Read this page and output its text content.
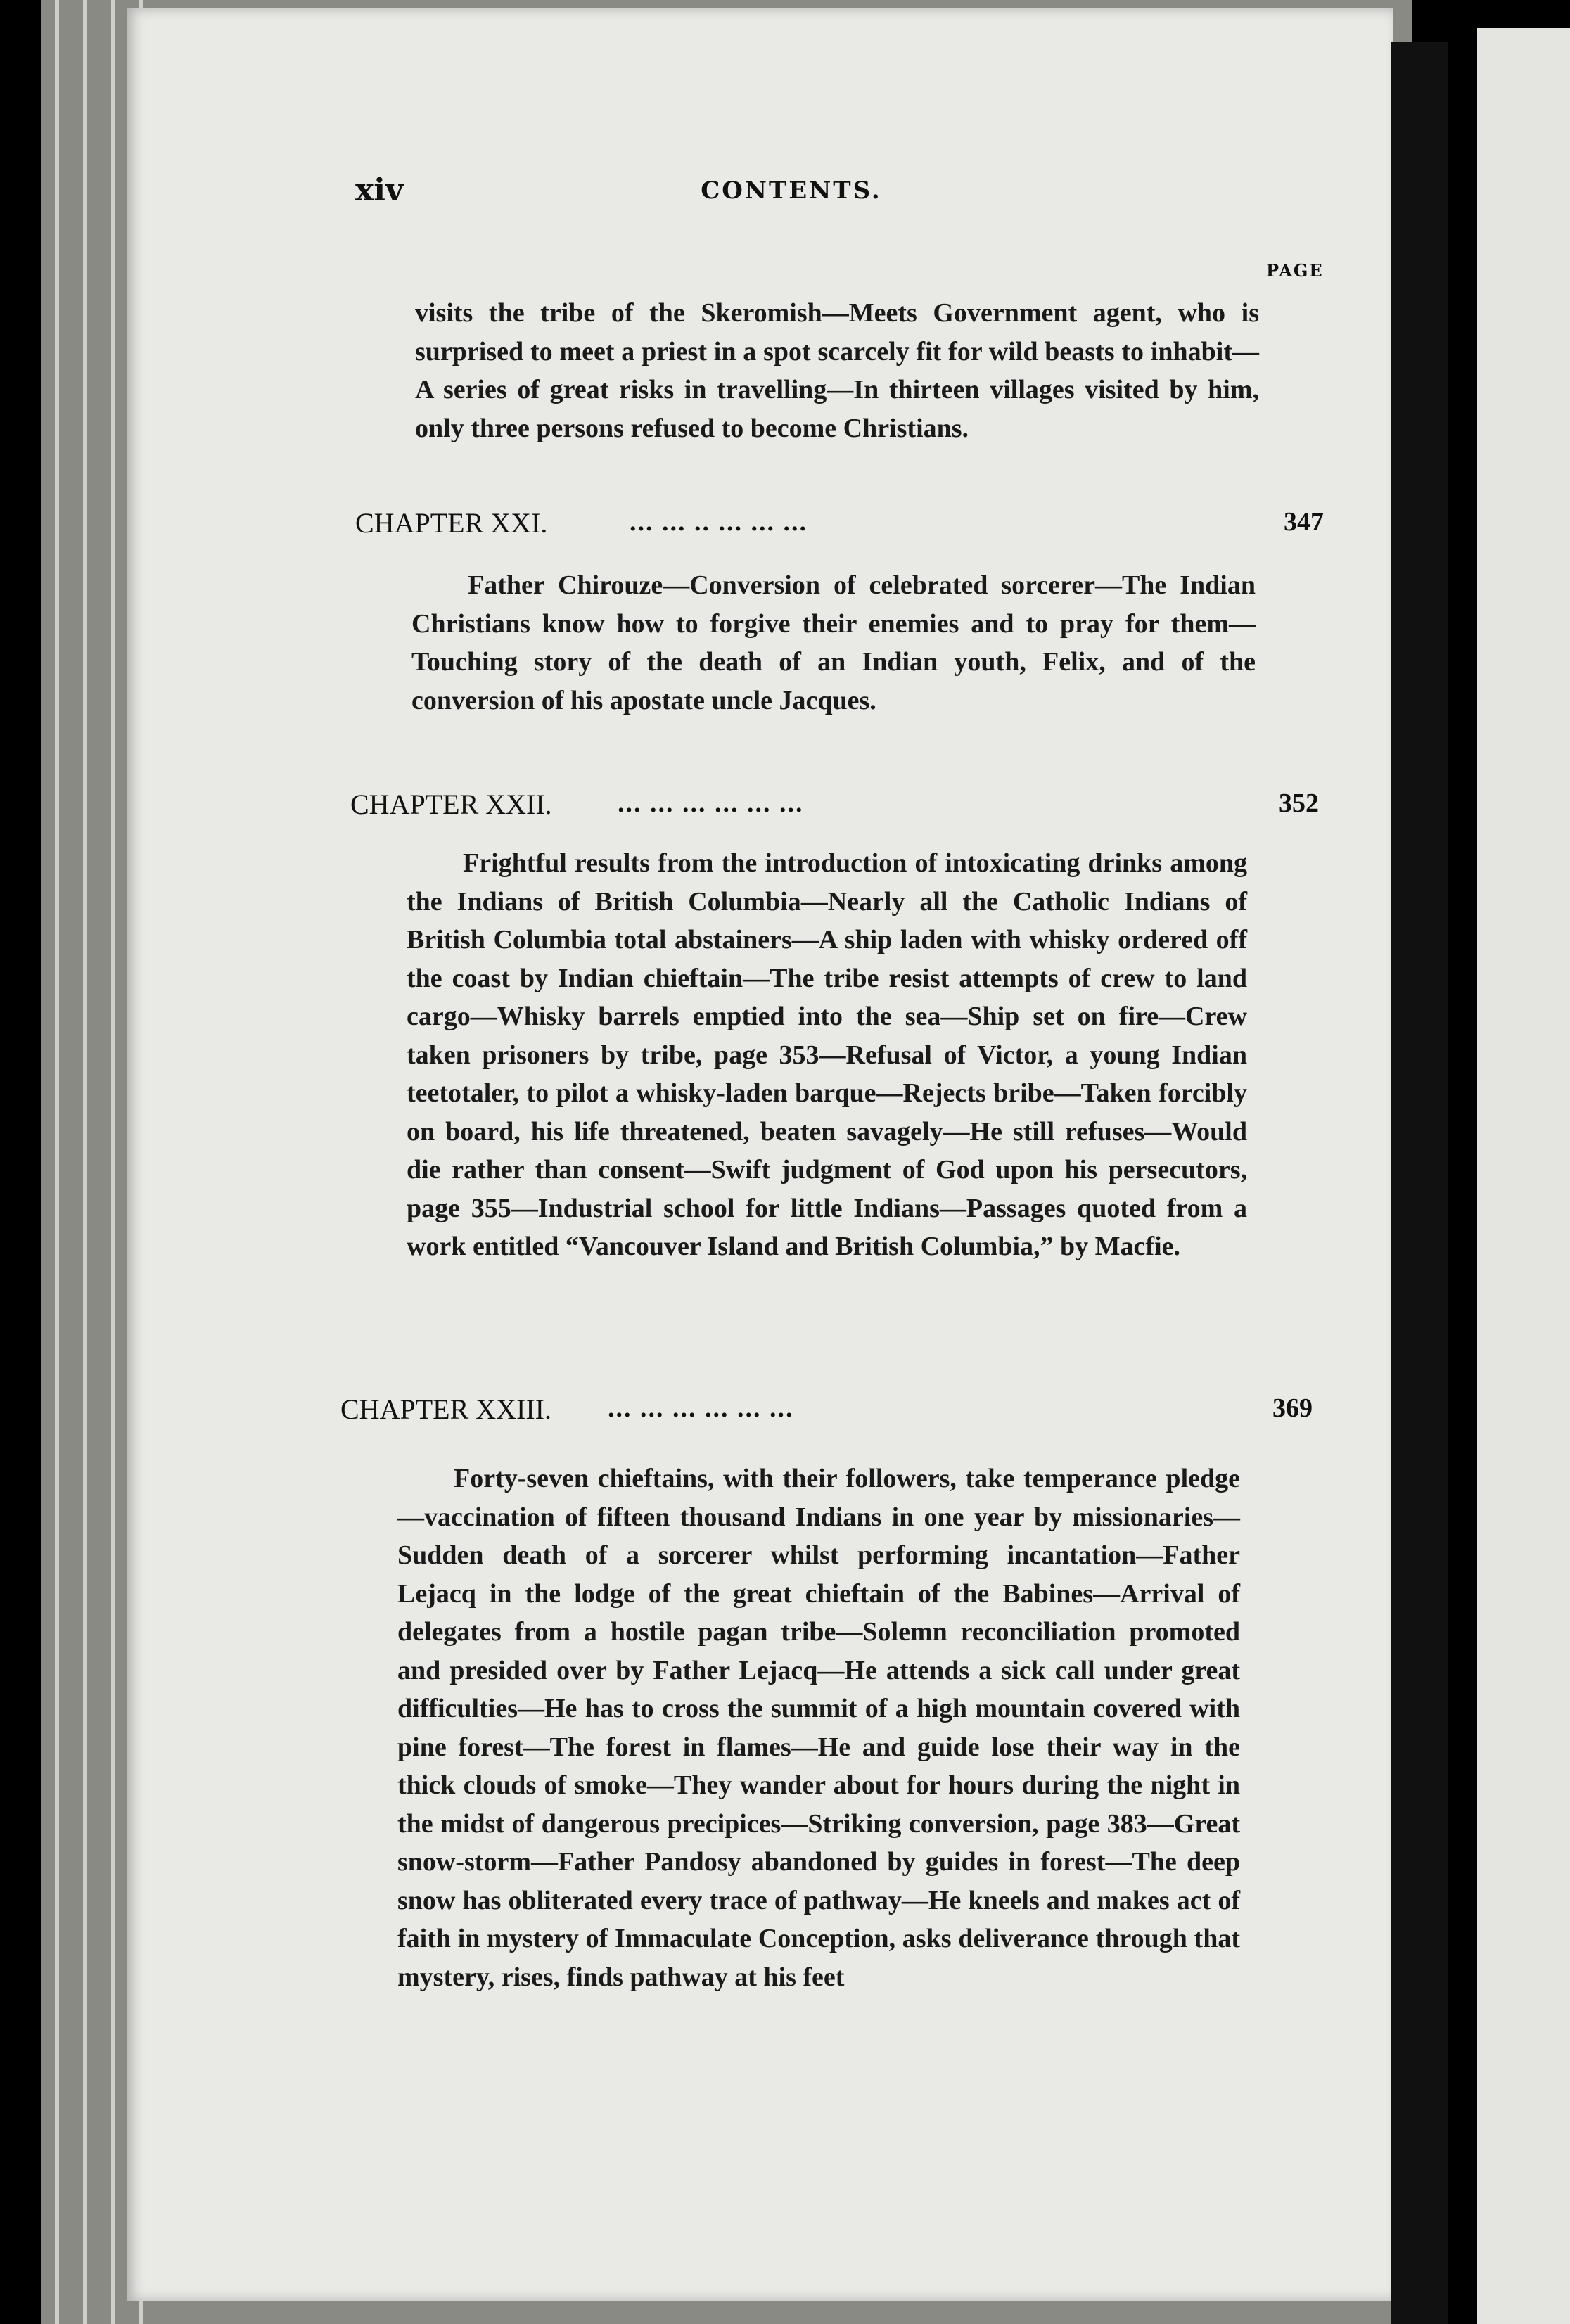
xiv	CONTENTS.
PAGE

visits the tribe of the Skeromish—Meets Government agent, who is surprised to meet a priest in a spot scarcely fit for wild beasts to inhabit—A series of great risks in travelling—In thirteen villages visited by him, only three persons refused to become Christians.

CHAPTER XXI.	... ... .. ... ... ...	347

Father Chirouze—Conversion of celebrated sorcerer—The Indian Christians know how to forgive their enemies and to pray for them—Touching story of the death of an Indian youth, Felix, and of the conversion of his apostate uncle Jacques.

CHAPTER XXII. ... ... ... ... ... ...	352

Frightful results from the introduction of intoxicating drinks among the Indians of British Columbia—Nearly all the Catholic Indians of British Columbia total abstainers—A ship laden with whisky ordered off the coast by Indian chieftain—The tribe resist attempts of crew to land cargo—Whisky barrels emptied into the sea—Ship set on fire—Crew taken prisoners by tribe, page 353—Refusal of Victor, a young Indian teetotaler, to pilot a whisky-laden barque—Rejects bribe—Taken forcibly on board, his life threatened, beaten savagely—He still refuses—Would die rather than consent—Swift judgment of God upon his persecutors, page 355—Industrial school for little Indians—Passages quoted from a work entitled “Vancouver Island and British Columbia,” by Macfie.

CHAPTER XXIII. ... ... ... ... ... ...	369

Forty-seven chieftains, with their followers, take temperance pledge—vaccination of fifteen thousand Indians in one year by missionaries—Sudden death of a sorcerer whilst performing incantation—Father Lejacq in the lodge of the great chieftain of the Babines—Arrival of delegates from a hostile pagan tribe—Solemn reconciliation promoted and presided over by Father Lejacq—He attends a sick call under great difficulties—He has to cross the summit of a high mountain covered with pine forest—The forest in flames—He and guide lose their way in the thick clouds of smoke—They wander about for hours during the night in the midst of dangerous precipices—Striking conversion, page 383—Great snow-storm—Father Pandosy abandoned by guides in forest—The deep snow has obliterated every trace of pathway—He kneels and makes act of faith in mystery of Immaculate Conception, asks deliverance through that mystery, rises, finds pathway at his feet
